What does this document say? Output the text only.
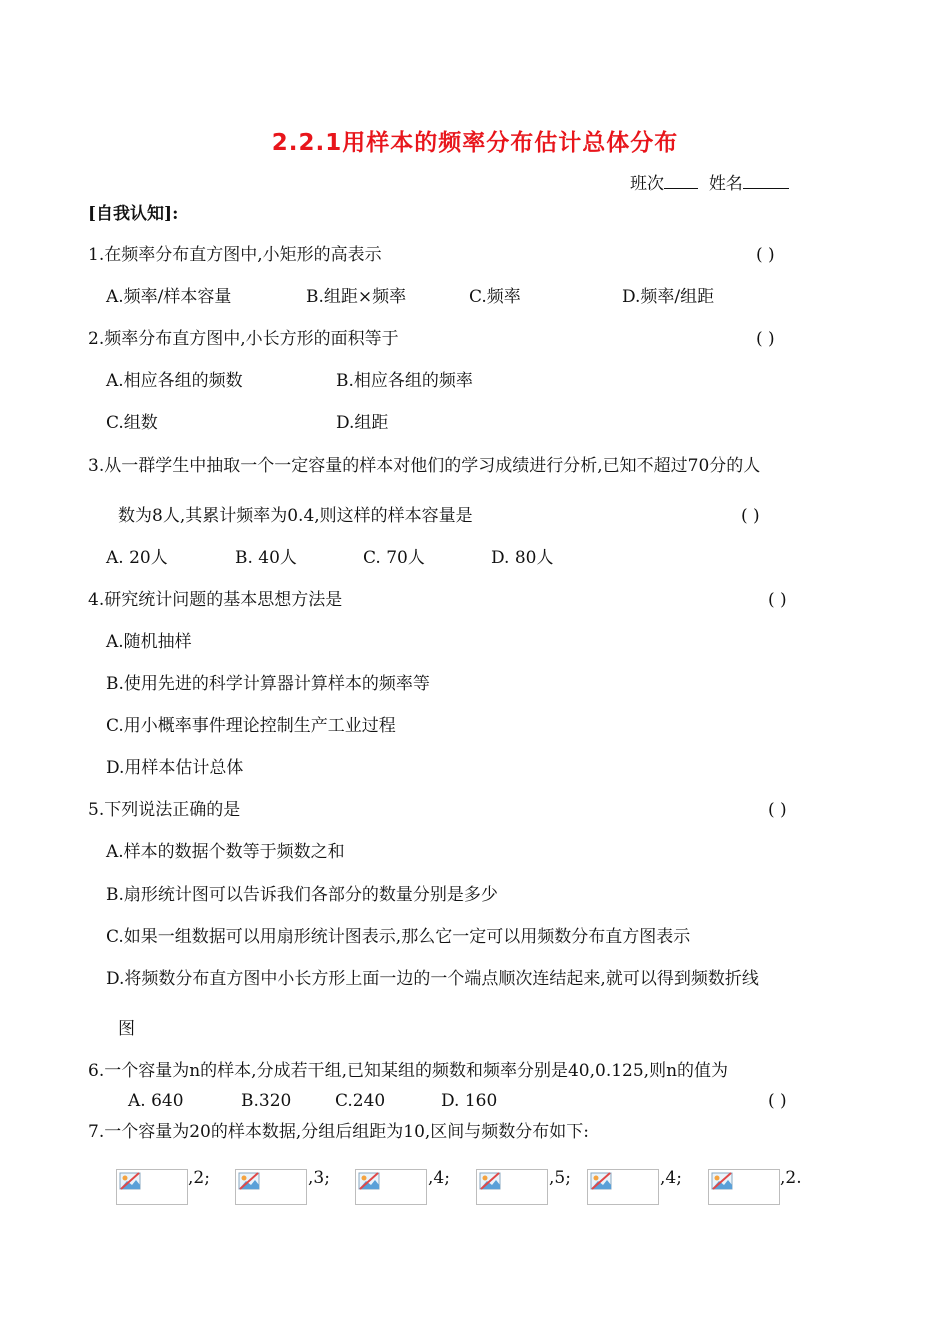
2.2.1用样本的频率分布估计总体分布
班次	姓名
[自我认知]:
1.在频率分布直方图中,小矩形的高表示	( )
A.频率/样本容量	B.组距×频率	C.频率	D.频率/组距
2.频率分布直方图中,小长方形的面积等于	( )
A.相应各组的频数	B.相应各组的频率
C.组数	D.组距
3.从一群学生中抽取一个一定容量的样本对他们的学习成绩进行分析,已知不超过70分的人
数为8人,其累计频率为0.4,则这样的样本容量是	( )
A. 20人	B. 40人	C. 70人	D. 80人
4.研究统计问题的基本思想方法是	( )
A.随机抽样
B.使用先进的科学计算器计算样本的频率等
C.用小概率事件理论控制生产工业过程
D.用样本估计总体
5.下列说法正确的是	( )
A.样本的数据个数等于频数之和
B.扇形统计图可以告诉我们各部分的数量分别是多少
C.如果一组数据可以用扇形统计图表示,那么它一定可以用频数分布直方图表示
D.将频数分布直方图中小长方形上面一边的一个端点顺次连结起来,就可以得到频数折线
图
6.一个容量为n的样本,分成若干组,已知某组的频数和频率分别是40,0.125,则n的值为
A. 640	B.320	C.240	D. 160	( )
7.一个容量为20的样本数据,分组后组距为10,区间与频数分布如下:
,2;	,3;	,4;	,5;	,4;	,2.
